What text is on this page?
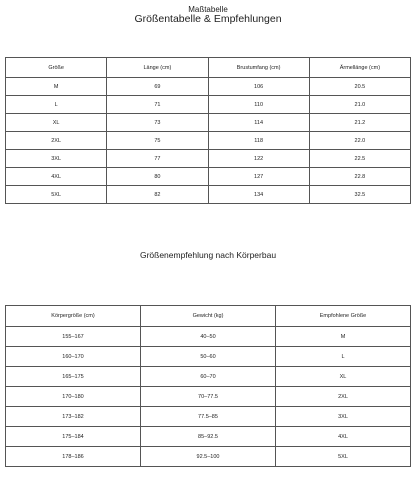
Maßtabelle
Größentabelle & Empfehlungen
Größe	Länge (cm)	Brustumfang (cm)	Ärmellänge (cm)
M	69	106	20.5
L	71	110	21.0
XL	73	114	21.2
2XL	75	118	22.0
3XL	77	122	22.5
4XL	80	127	22.8
5XL	82	134	32.5
Größenempfehlung nach Körperbau
Körpergröße (cm)	Gewicht (kg)	Empfohlene Größe
155–167	40–50	M
160–170	50–60	L
165–175	60–70	XL
170–180	70–77.5	2XL
173–182	77.5–85	3XL
175–184	85–92.5	4XL
178–186	92.5–100	5XL
